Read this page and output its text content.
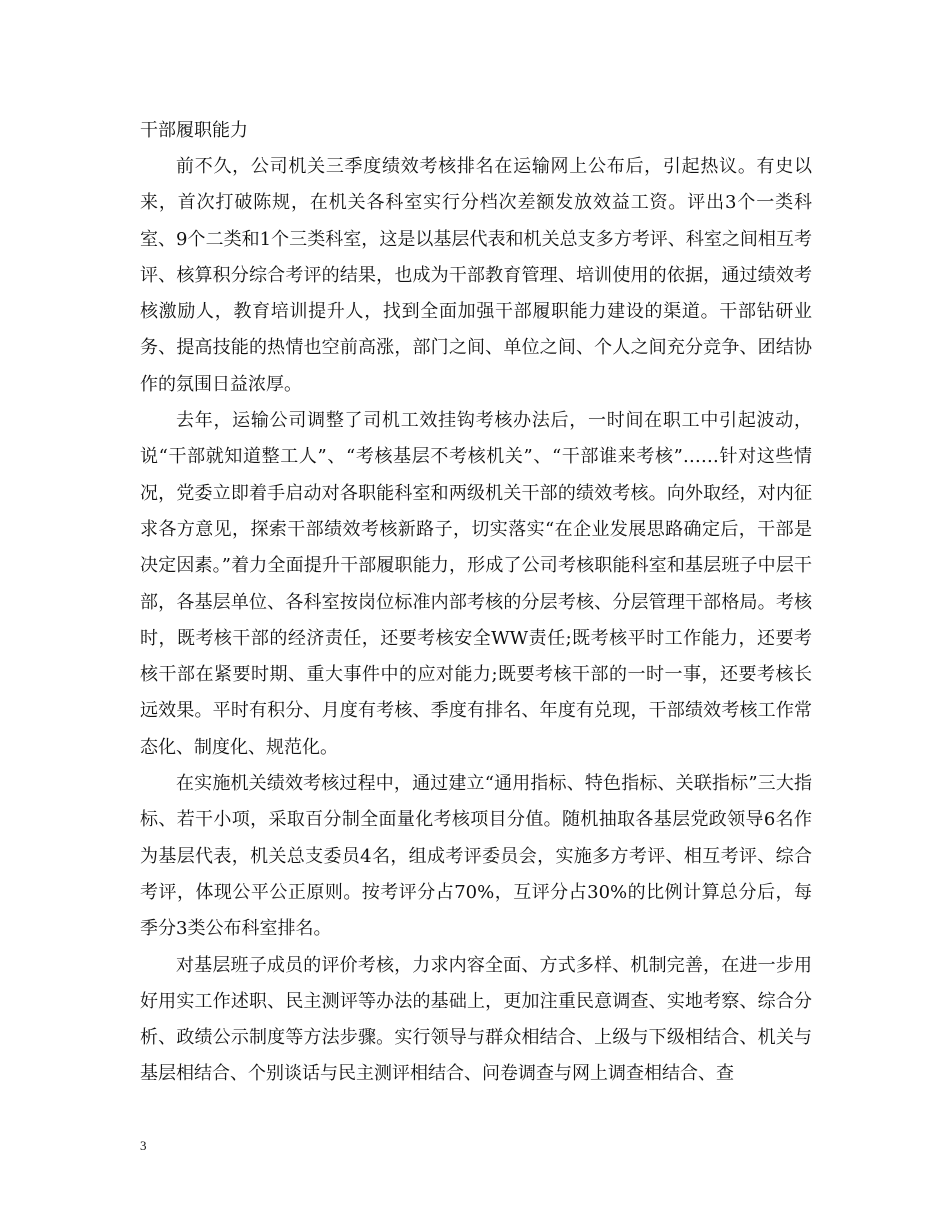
干部履职能力

前不久，公司机关三季度绩效考核排名在运输网上公布后，引起热议。有史以来，首次打破陈规，在机关各科室实行分档次差额发放效益工资。评出3个一类科室、9个二类和1个三类科室，这是以基层代表和机关总支多方考评、科室之间相互考评、核算积分综合考评的结果，也成为干部教育管理、培训使用的依据，通过绩效考核激励人，教育培训提升人，找到全面加强干部履职能力建设的渠道。干部钻研业务、提高技能的热情也空前高涨，部门之间、单位之间、个人之间充分竞争、团结协作的氛围日益浓厚。

去年，运输公司调整了司机工效挂钩考核办法后，一时间在职工中引起波动，说“干部就知道整工人”、“考核基层不考核机关”、“干部谁来考核”……针对这些情况，党委立即着手启动对各职能科室和两级机关干部的绩效考核。向外取经，对内征求各方意见，探索干部绩效考核新路子，切实落实“在企业发展思路确定后，干部是决定因素。”着力全面提升干部履职能力，形成了公司考核职能科室和基层班子中层干部，各基层单位、各科室按岗位标准内部考核的分层考核、分层管理干部格局。考核时，既考核干部的经济责任，还要考核安全WW责任;既考核平时工作能力，还要考核干部在紧要时期、重大事件中的应对能力;既要考核干部的一时一事，还要考核长远效果。平时有积分、月度有考核、季度有排名、年度有兑现，干部绩效考核工作常态化、制度化、规范化。

在实施机关绩效考核过程中，通过建立“通用指标、特色指标、关联指标”三大指标、若干小项，采取百分制全面量化考核项目分值。随机抽取各基层党政领导6名作为基层代表，机关总支委员4名，组成考评委员会，实施多方考评、相互考评、综合考评，体现公平公正原则。按考评分占70%，互评分占30%的比例计算总分后，每季分3类公布科室排名。

对基层班子成员的评价考核，力求内容全面、方式多样、机制完善，在进一步用好用实工作述职、民主测评等办法的基础上，更加注重民意调查、实地考察、综合分析、政绩公示制度等方法步骤。实行领导与群众相结合、上级与下级相结合、机关与基层相结合、个别谈话与民主测评相结合、问卷调查与网上调查相结合、查

3
